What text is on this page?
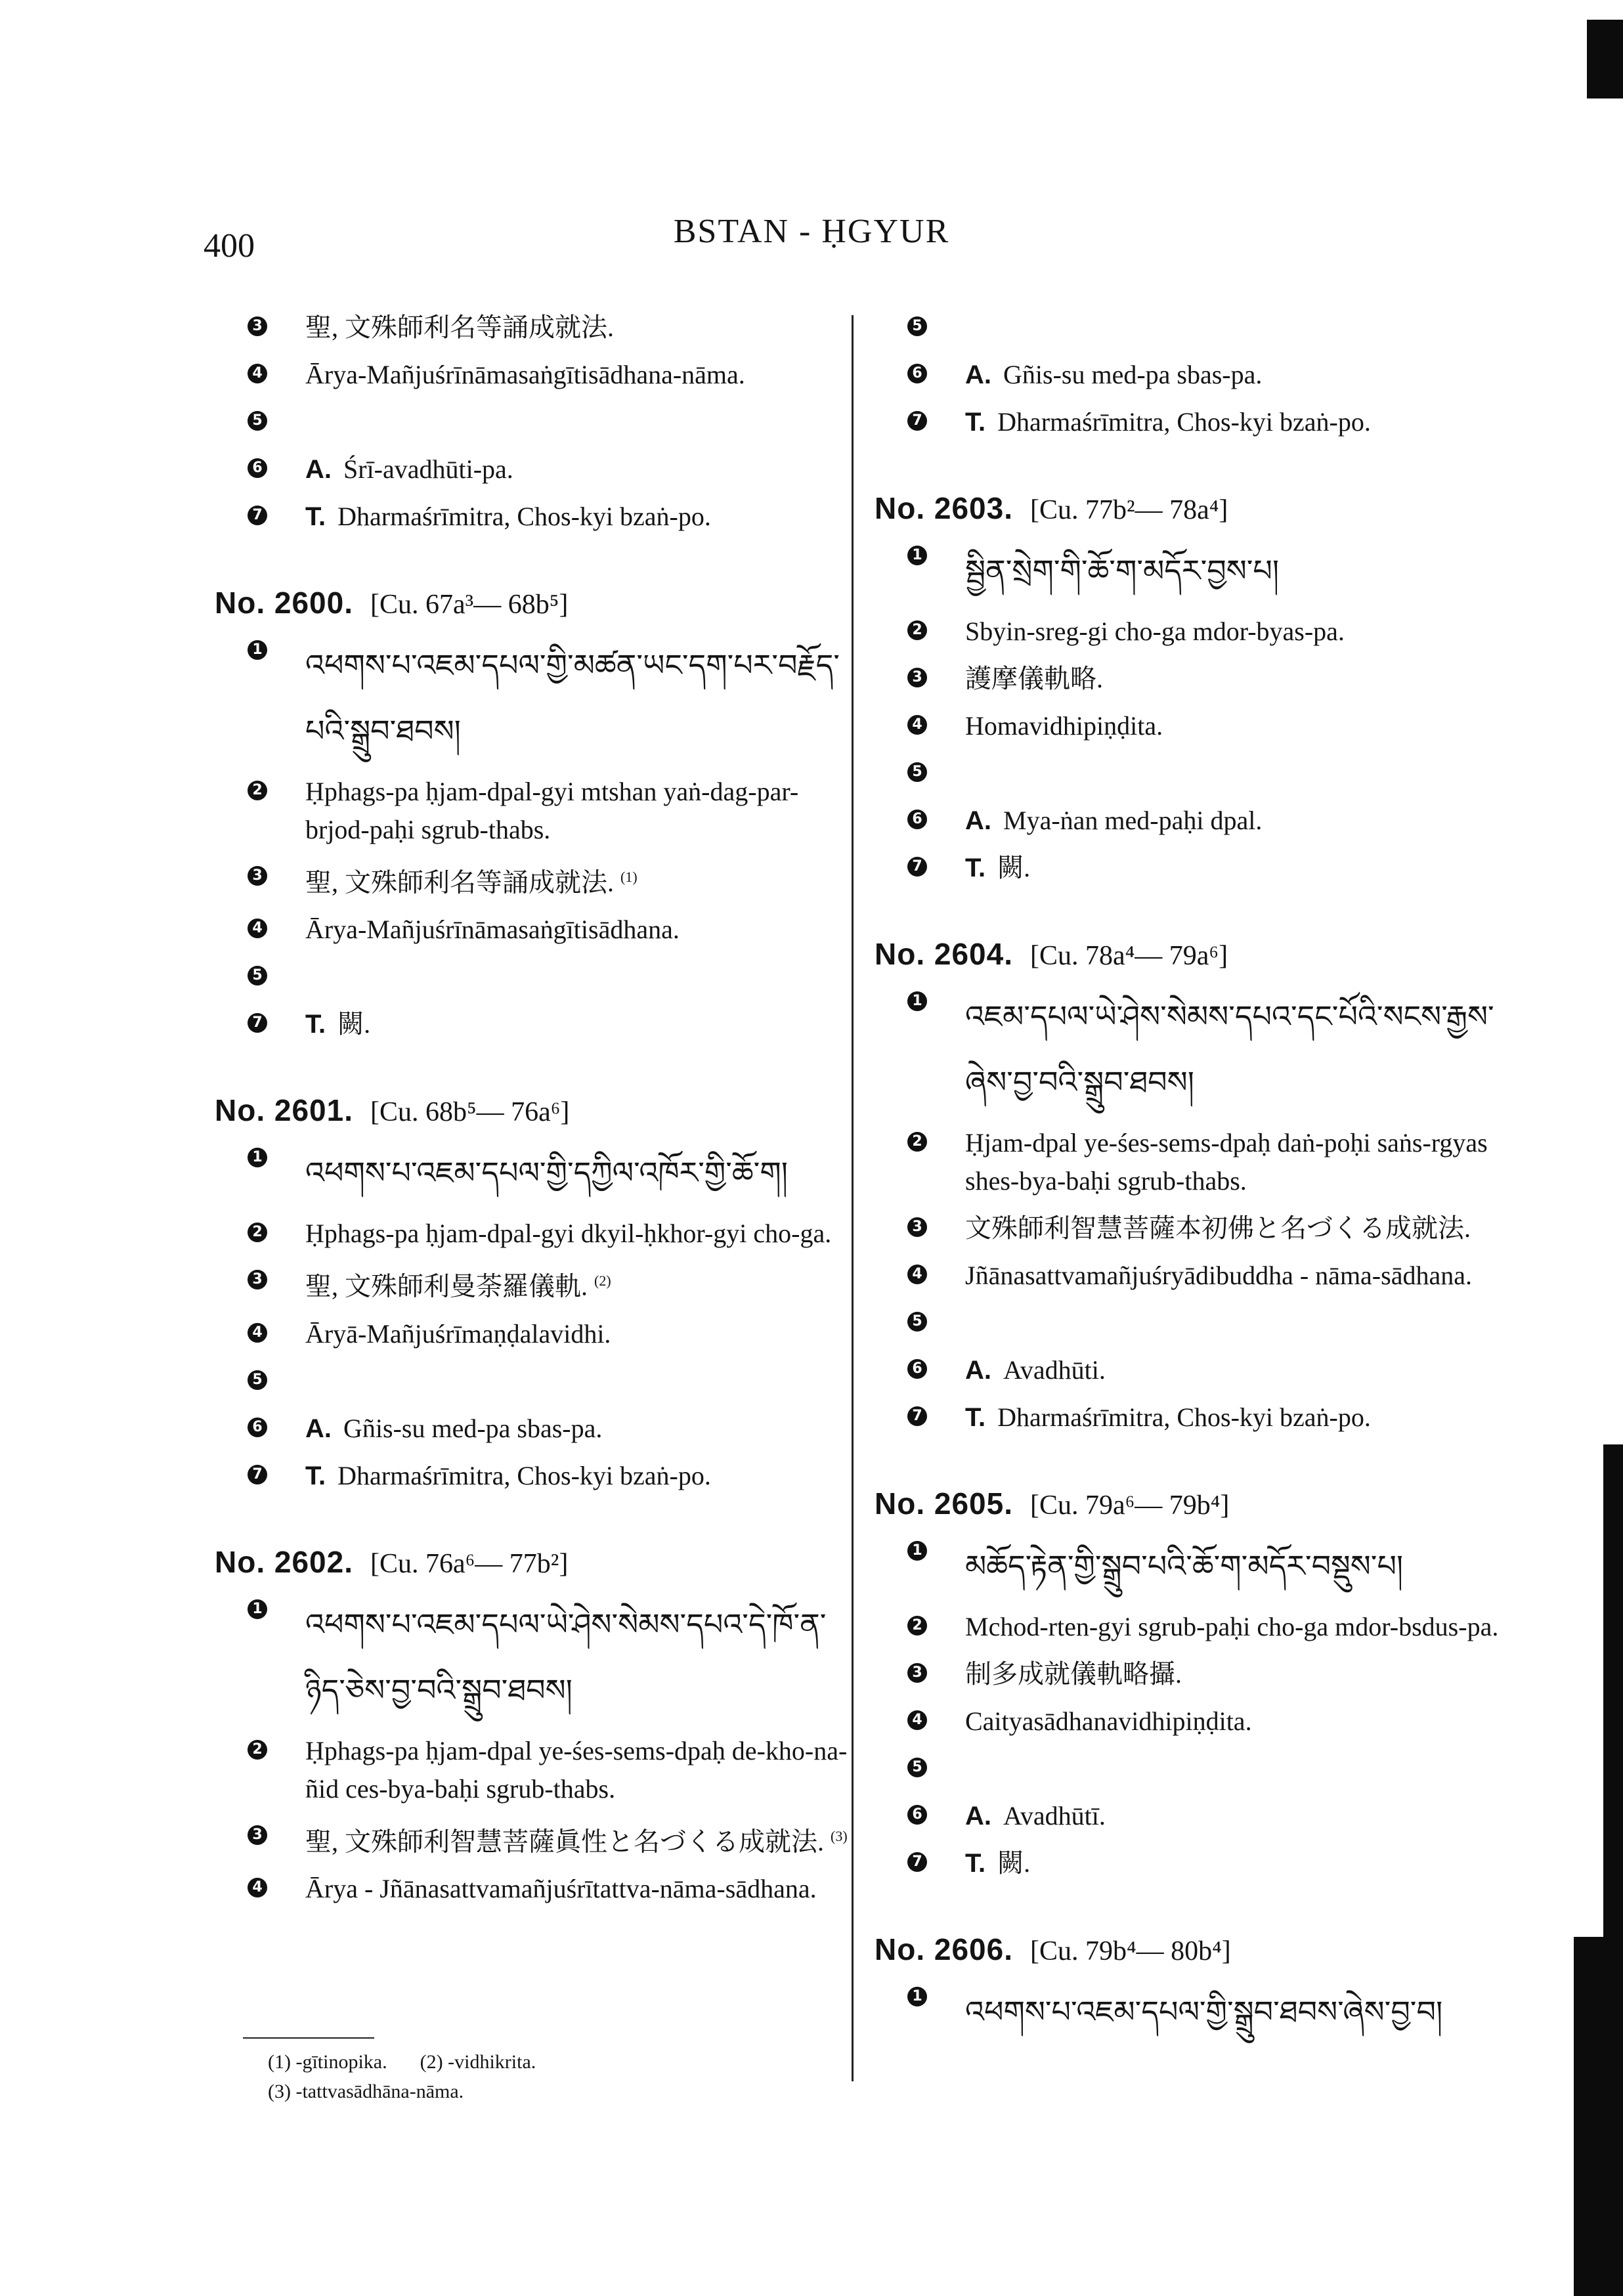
400	BSTAN - ḤGYUR
3 聖, 文殊師利名等誦成就法.
4 Ārya-Mañjuśrīnāmasaṅgītisādhana-nāma.
5
6 A. Śrī-avadhūti-pa.
7 T. Dharmaśrīmitra, Chos-kyi bzaṅ-po.
No. 2600. [Cu. 67a³— 68b⁵]
1 འཕགས་པ་འཇམ་དཔལ་གྱི་མཚན་ཡང་དག་པར་བརྗོད་པའི་སྒྲུབ་ཐབས།
2 Ḥphags-pa ḥjam-dpal-gyi mtshan yaṅ-dag-par-brjod-paḥi sgrub-thabs.
3 聖, 文殊師利名等誦成就法. $^{(1)}$
4 Ārya-Mañjuśrīnāmasaṅgītisādhana.
5
7 T. 闕.
No. 2601. [Cu. 68b⁵— 76a⁶]
1 འཕགས་པ་འཇམ་དཔལ་གྱི་དཀྱིལ་འཁོར་གྱི་ཆོ་ག།
2 Ḥphags-pa ḥjam-dpal-gyi dkyil-ḥkhor-gyi cho-ga.
3 聖, 文殊師利曼荼羅儀軌. $^{(2)}$
4 Āryā-Mañjuśrīmaṇḍalavidhi.
5
6 A. Gñis-su med-pa sbas-pa.
7 T. Dharmaśrīmitra, Chos-kyi bzaṅ-po.
No. 2602. [Cu. 76a⁶— 77b²]
1 འཕགས་པ་འཇམ་དཔལ་ཡེ་ཤེས་སེམས་དཔའ་དེ་ཁོ་ན་ཉིད་ཅེས་བྱ་བའི་སྒྲུབ་ཐབས།
2 Ḥphags-pa ḥjam-dpal ye-śes-sems-dpaḥ de-kho-na-ñid ces-bya-baḥi sgrub-thabs.
3 聖, 文殊師利智慧菩薩眞性と名づくる成就法. $^{(3)}$
4 Ārya - Jñānasattvamañjuśrītattva-nāma-sādhana.
5
6 A. Gñis-su med-pa sbas-pa.
7 T. Dharmaśrīmitra, Chos-kyi bzaṅ-po.
No. 2603. [Cu. 77b²— 78a⁴]
1 སྦྱིན་སྲེག་གི་ཆོ་ག་མདོར་བྱས་པ།
2 Sbyin-sreg-gi cho-ga mdor-byas-pa.
3 護摩儀軌略.
4 Homavidhipiṇḍita.
5
6 A. Mya-ṅan med-paḥi dpal.
7 T. 闕.
No. 2604. [Cu. 78a⁴— 79a⁶]
1 འཇམ་དཔལ་ཡེ་ཤེས་སེམས་དཔའ་དང་པོའི་སངས་རྒྱས་ཞེས་བྱ་བའི་སྒྲུབ་ཐབས།
2 Ḥjam-dpal ye-śes-sems-dpaḥ daṅ-poḥi saṅs-rgyas shes-bya-baḥi sgrub-thabs.
3 文殊師利智慧菩薩本初佛と名づくる成就法.
4 Jñānasattvamañjuśryādibuddha - nāma-sādhana.
5
6 A. Avadhūti.
7 T. Dharmaśrīmitra, Chos-kyi bzaṅ-po.
No. 2605. [Cu. 79a⁶— 79b⁴]
1 མཆོད་རྟེན་གྱི་སྒྲུབ་པའི་ཆོ་ག་མདོར་བསྡུས་པ།
2 Mchod-rten-gyi sgrub-paḥi cho-ga mdor-bsdus-pa.
3 制多成就儀軌略攝.
4 Caityasādhanavidhipiṇḍita.
5
6 A. Avadhūtī.
7 T. 闕.
No. 2606. [Cu. 79b⁴— 80b⁴]
1 འཕགས་པ་འཇམ་དཔལ་གྱི་སྒྲུབ་ཐབས་ཞེས་བྱ་བ།
(1) -gītinopika. (2) -vidhikrita.
(3) -tattvasādhāna-nāma.
